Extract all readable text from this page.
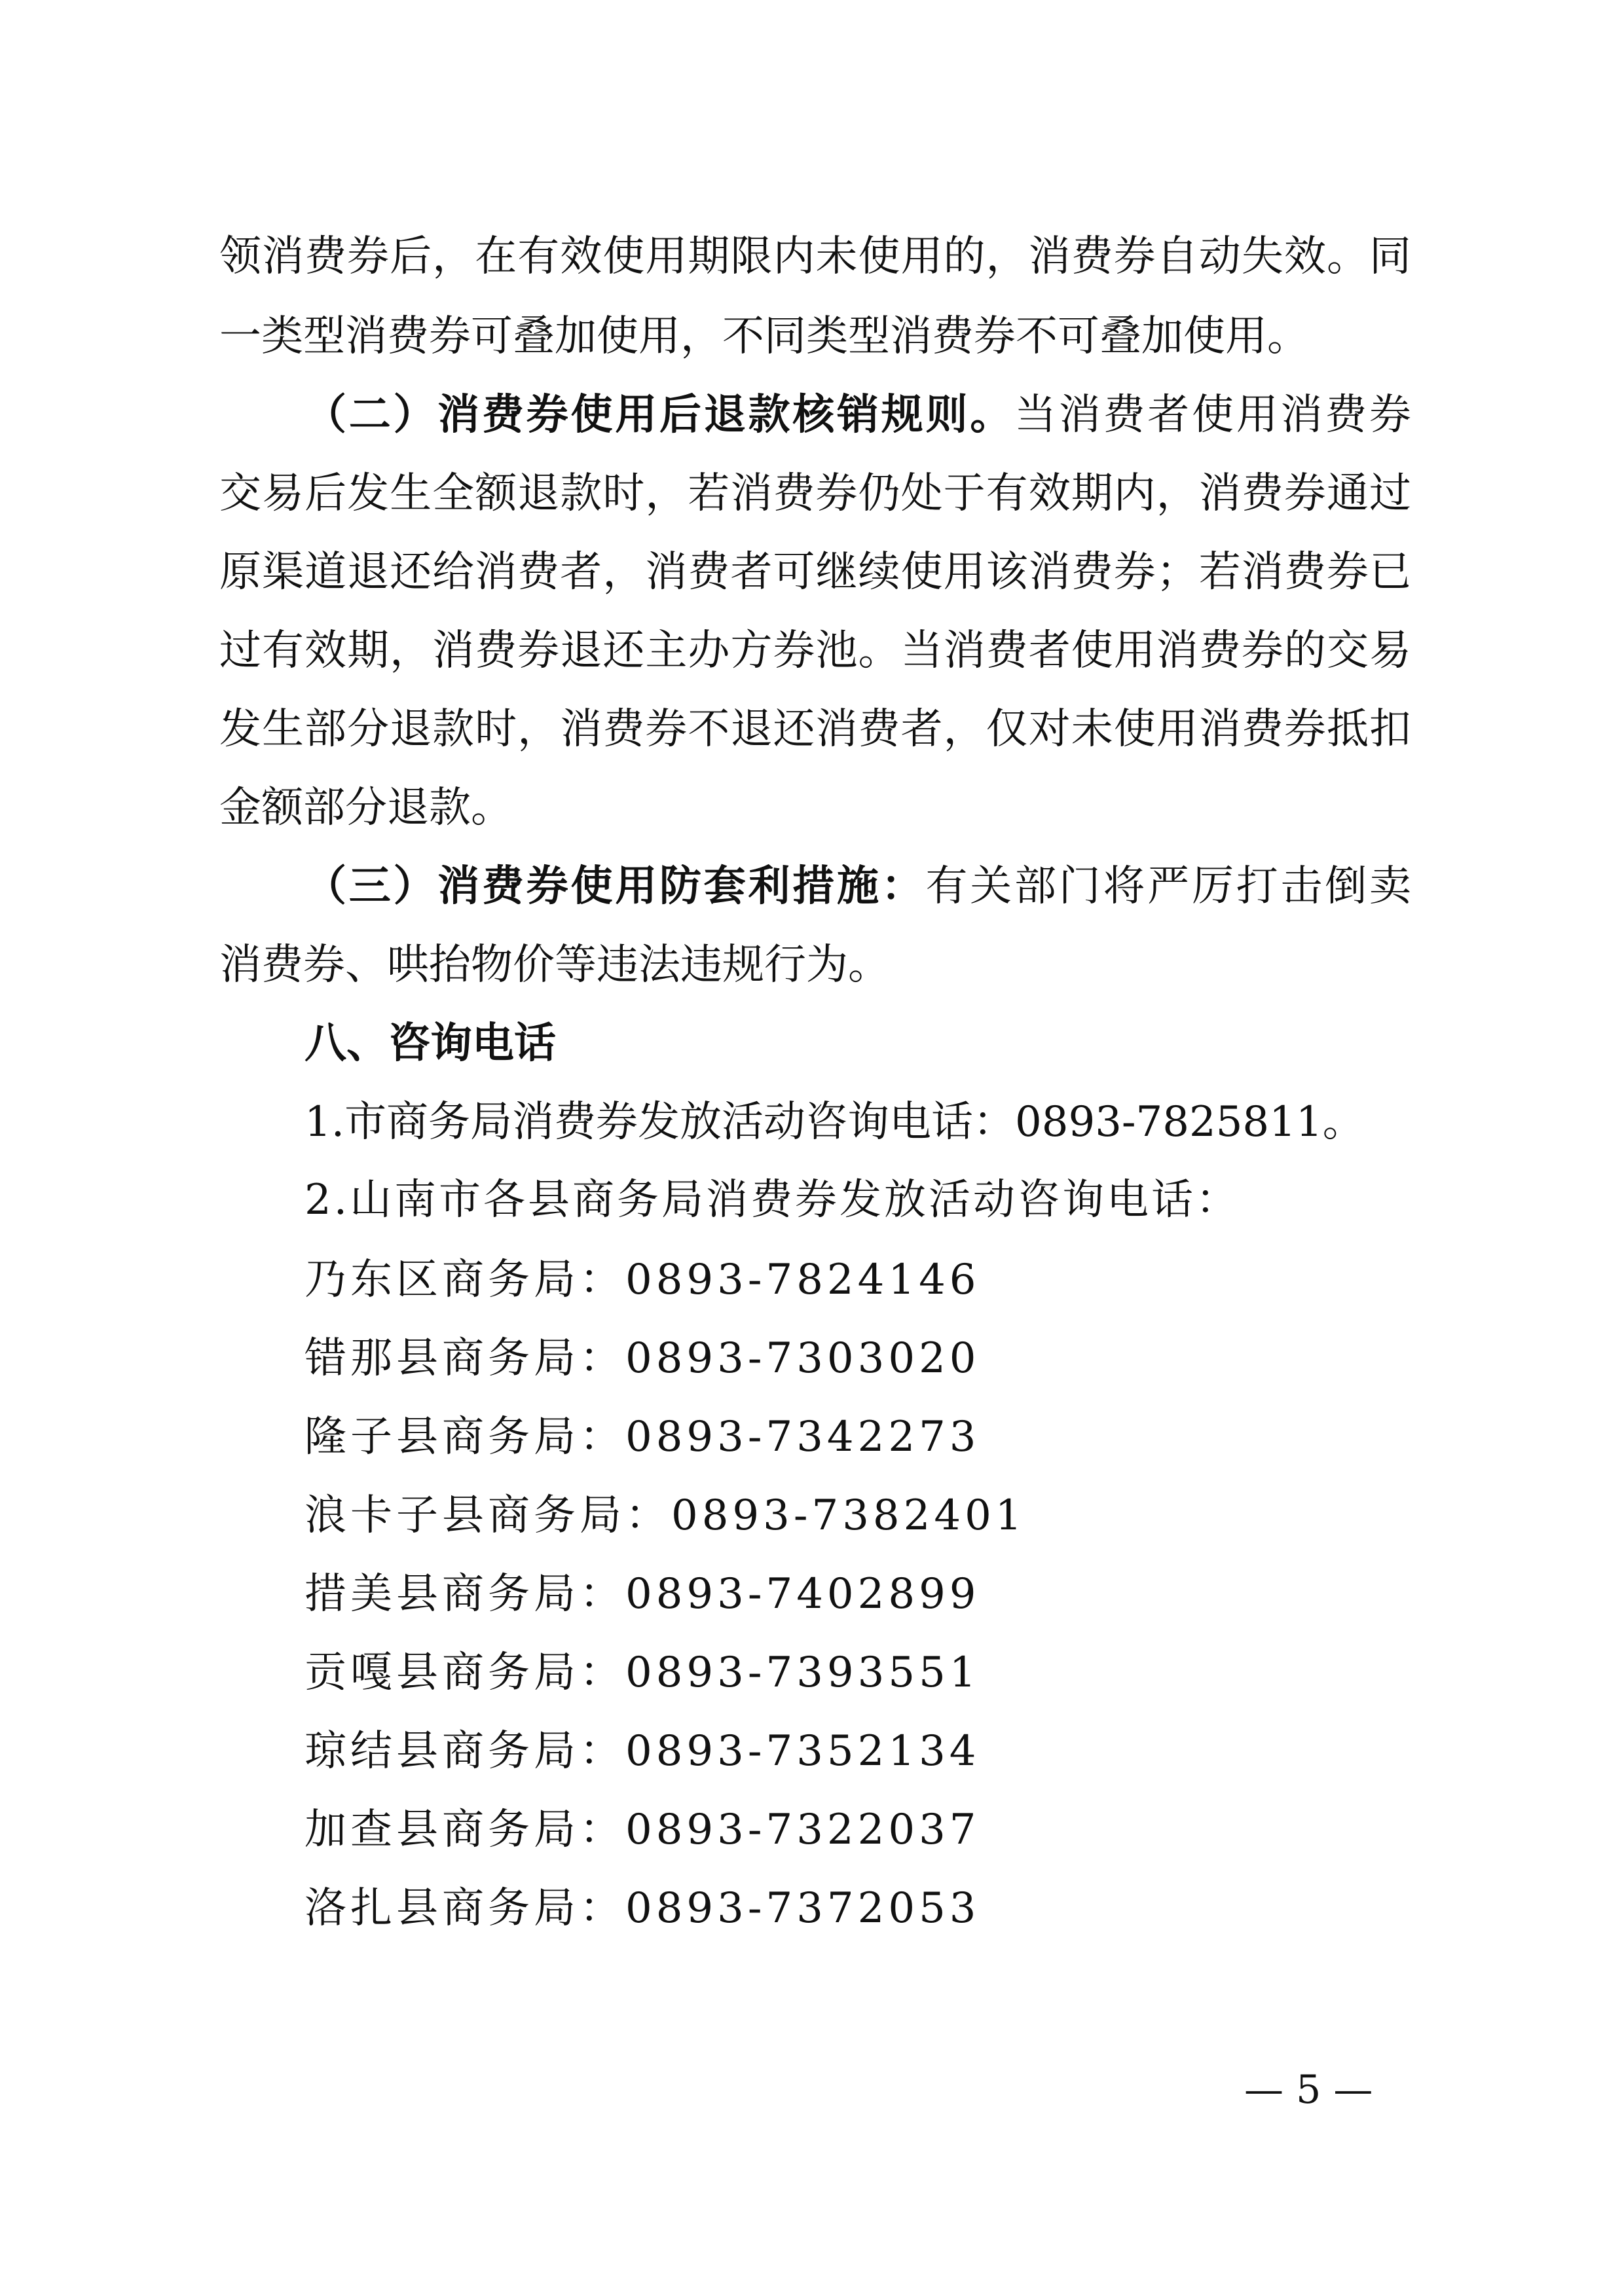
领消费券后，在有效使用期限内未使用的，消费券自动失效。同
一类型消费券可叠加使用，不同类型消费券不可叠加使用。
（二）消费券使用后退款核销规则。当消费者使用消费券
交易后发生全额退款时，若消费券仍处于有效期内，消费券通过
原渠道退还给消费者，消费者可继续使用该消费券；若消费券已
过有效期，消费券退还主办方券池。当消费者使用消费券的交易
发生部分退款时，消费券不退还消费者，仅对未使用消费券抵扣
金额部分退款。
（三）消费券使用防套利措施：有关部门将严厉打击倒卖
消费券、哄抬物价等违法违规行为。
八、咨询电话
1.市商务局消费券发放活动咨询电话：0893-7825811。
2.山南市各县商务局消费券发放活动咨询电话：
乃东区商务局：0893-7824146
错那县商务局：0893-7303020
隆子县商务局：0893-7342273
浪卡子县商务局：0893-7382401
措美县商务局：0893-7402899
贡嘎县商务局：0893-7393551
琼结县商务局：0893-7352134
加查县商务局：0893-7322037
洛扎县商务局：0893-7372053
— 5 —
